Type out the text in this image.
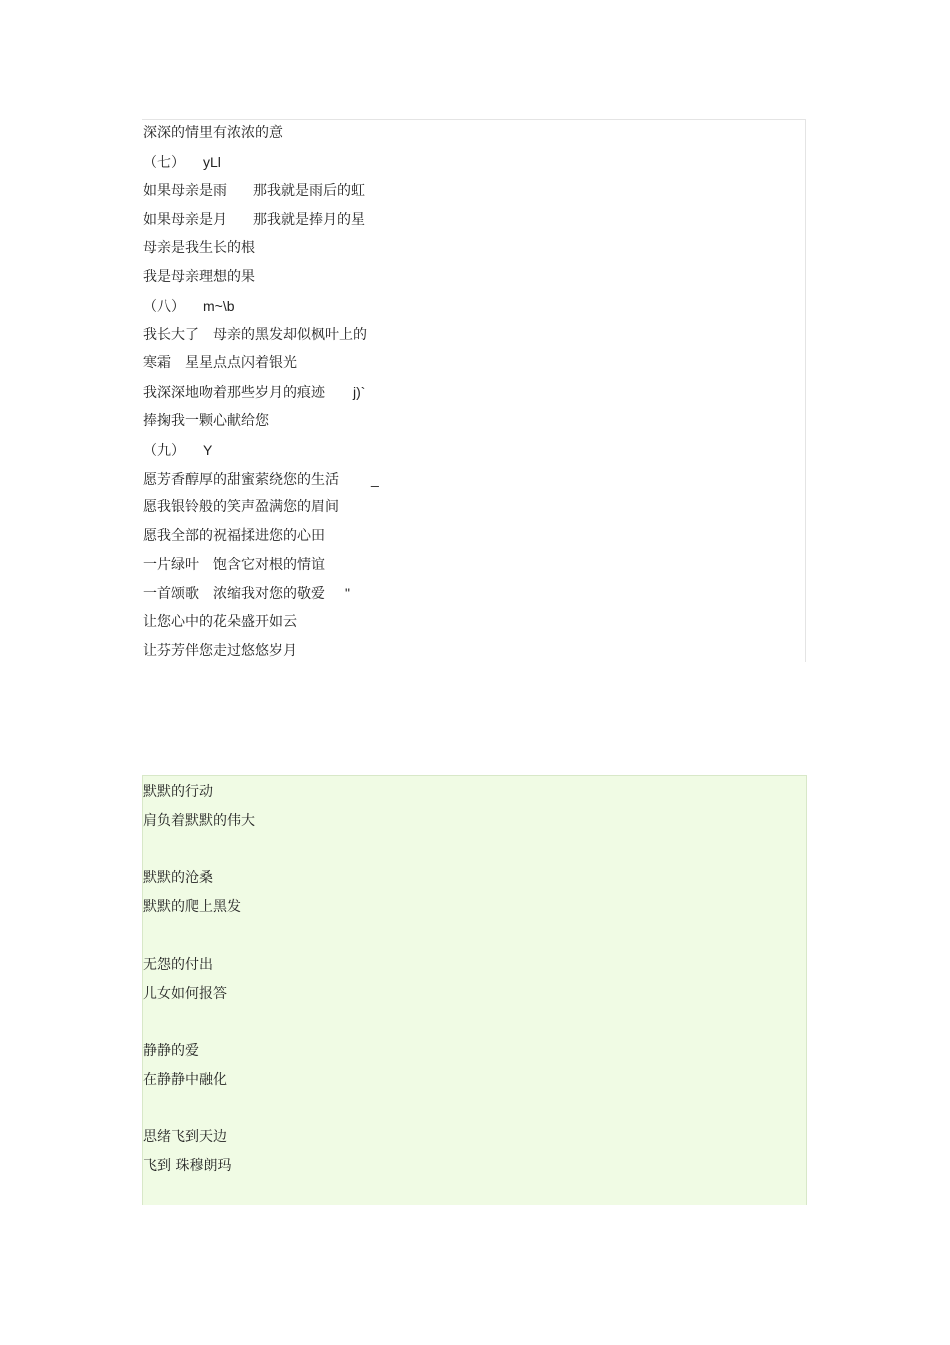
深深的情里有浓浓的意
（七） yLl
如果母亲是雨 那我就是雨后的虹
如果母亲是月 那我就是捧月的星
母亲是我生长的根
我是母亲理想的果
（八） m~\b
我长大了 母亲的黑发却似枫叶上的
寒霜 星星点点闪着银光
我深深地吻着那些岁月的痕迹 j)`
捧掬我一颗心献给您
（九） Y
愿芳香醇厚的甜蜜萦绕您的生活 _
愿我银铃般的笑声盈满您的眉间
愿我全部的祝福揉进您的心田
一片绿叶 饱含它对根的情谊
一首颂歌 浓缩我对您的敬爱 "
让您心中的花朵盛开如云
让芬芳伴您走过悠悠岁月
默默的行动
肩负着默默的伟大
默默的沧桑
默默的爬上黑发
无怨的付出
儿女如何报答
静静的爱
在静静中融化
思绪飞到天边
飞到 珠穆朗玛
